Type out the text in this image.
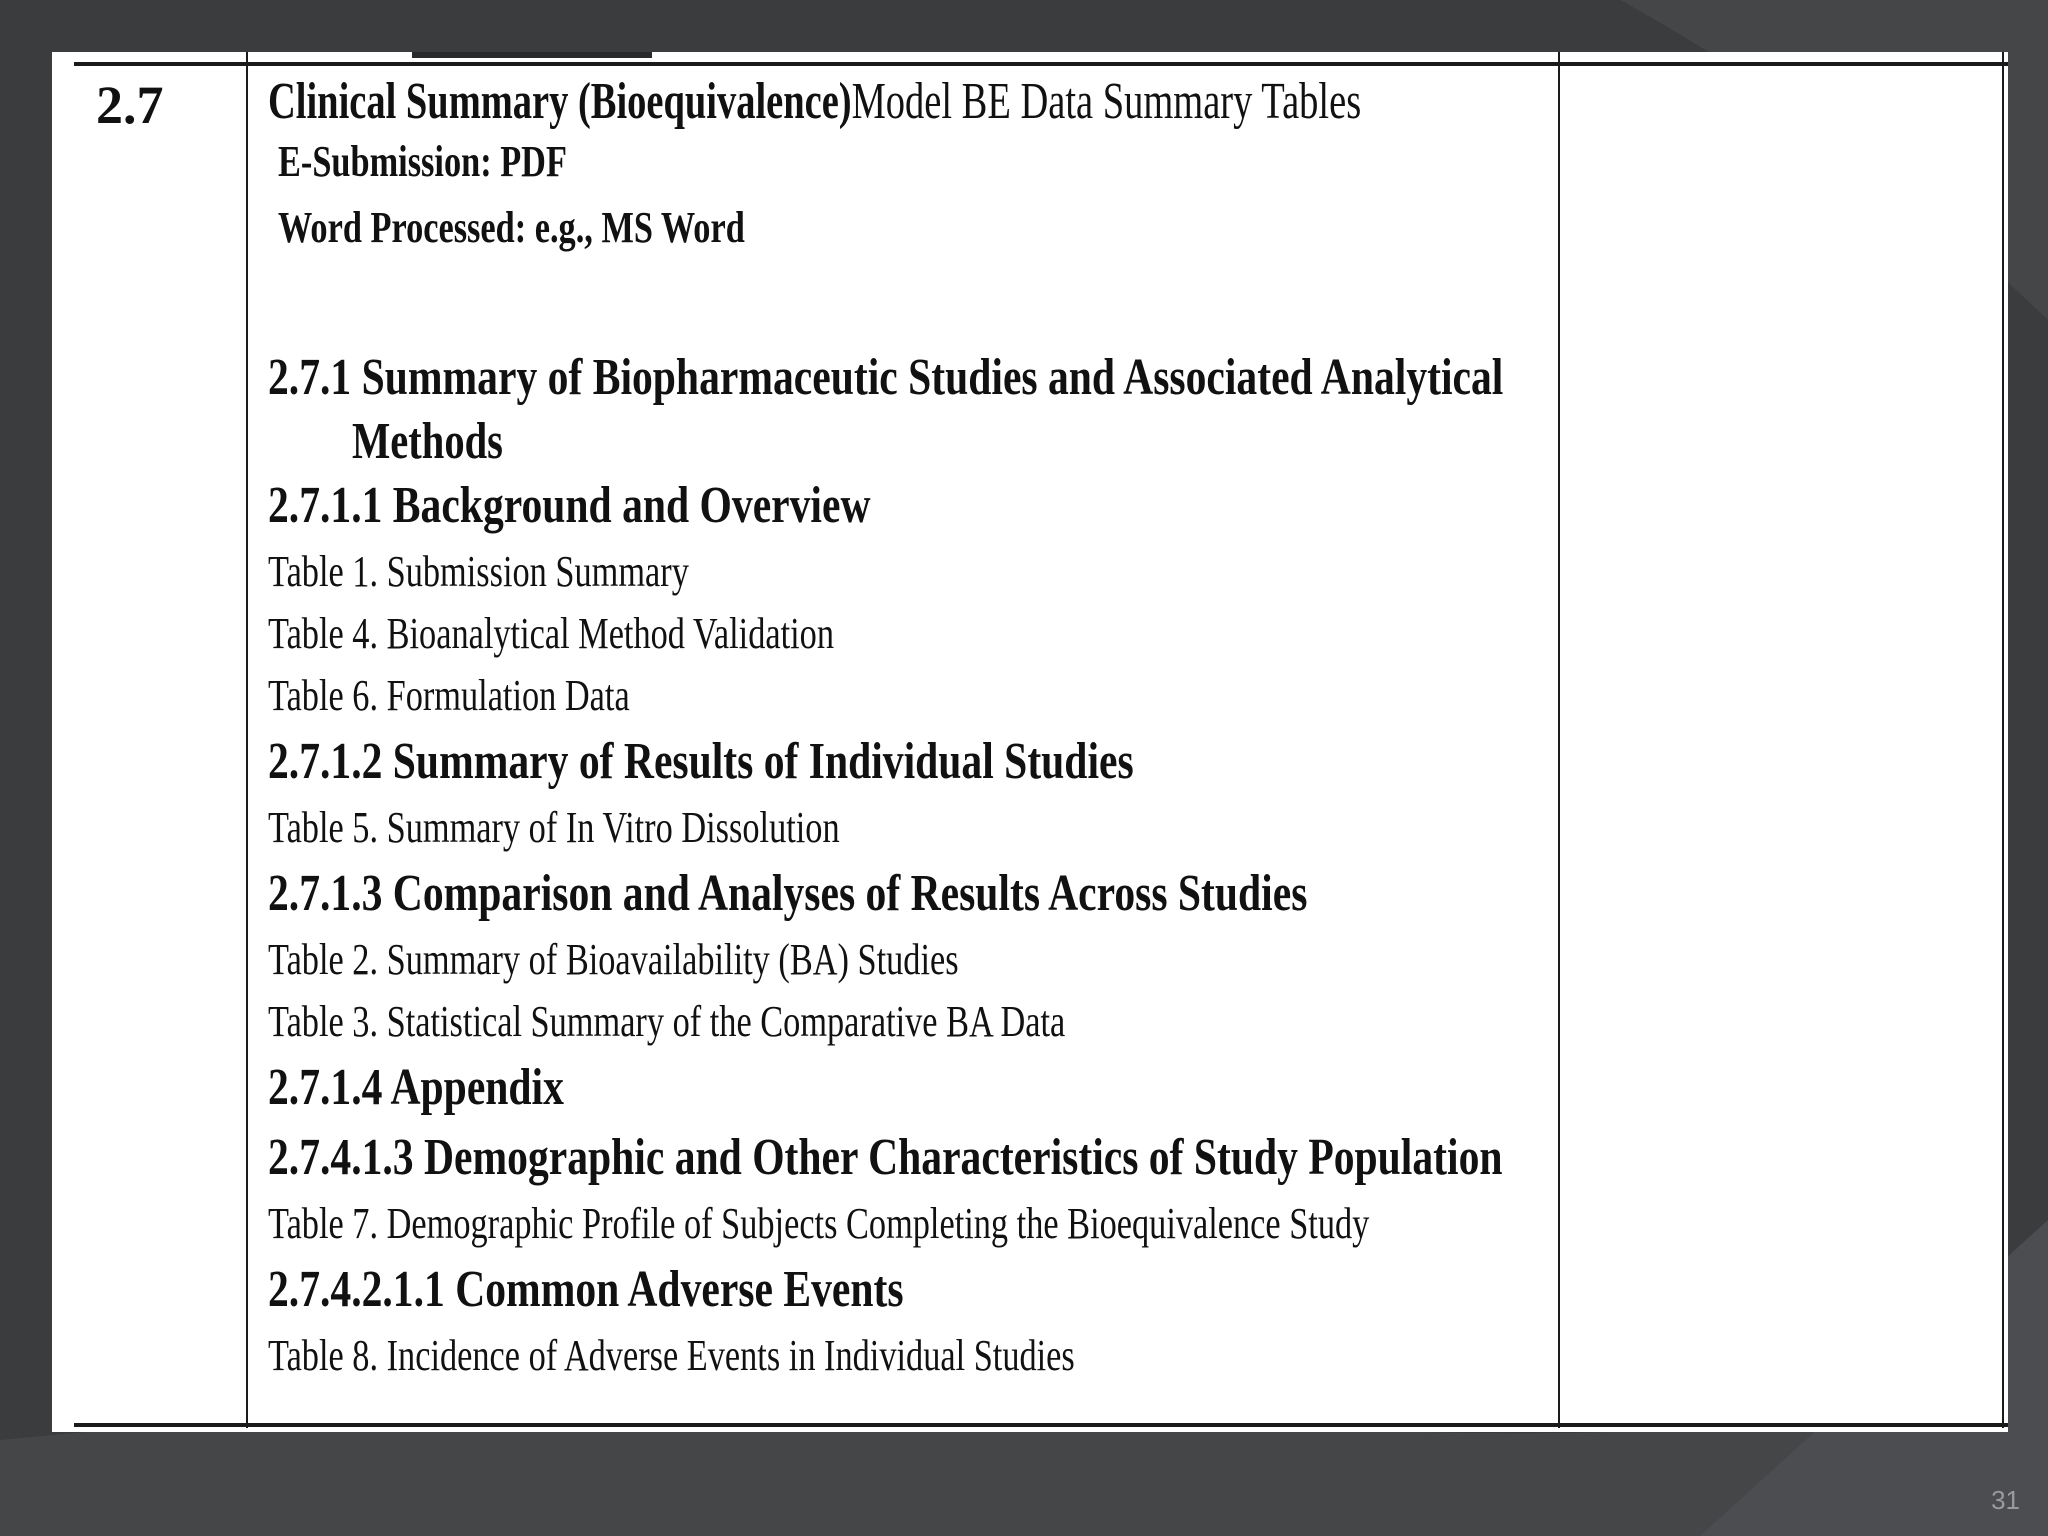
2.7 Clinical Summary (Bioequivalence)Model BE Data Summary Tables
E-Submission: PDF
Word Processed: e.g., MS Word
2.7.1 Summary of Biopharmaceutic Studies and Associated Analytical
Methods
2.7.1.1 Background and Overview
Table 1. Submission Summary
Table 4. Bioanalytical Method Validation
Table 6. Formulation Data
2.7.1.2 Summary of Results of Individual Studies
Table 5. Summary of In Vitro Dissolution
2.7.1.3 Comparison and Analyses of Results Across Studies
Table 2. Summary of Bioavailability (BA) Studies
Table 3. Statistical Summary of the Comparative BA Data
2.7.1.4 Appendix
2.7.4.1.3 Demographic and Other Characteristics of Study Population
Table 7. Demographic Profile of Subjects Completing the Bioequivalence Study
2.7.4.2.1.1 Common Adverse Events
Table 8. Incidence of Adverse Events in Individual Studies
31
